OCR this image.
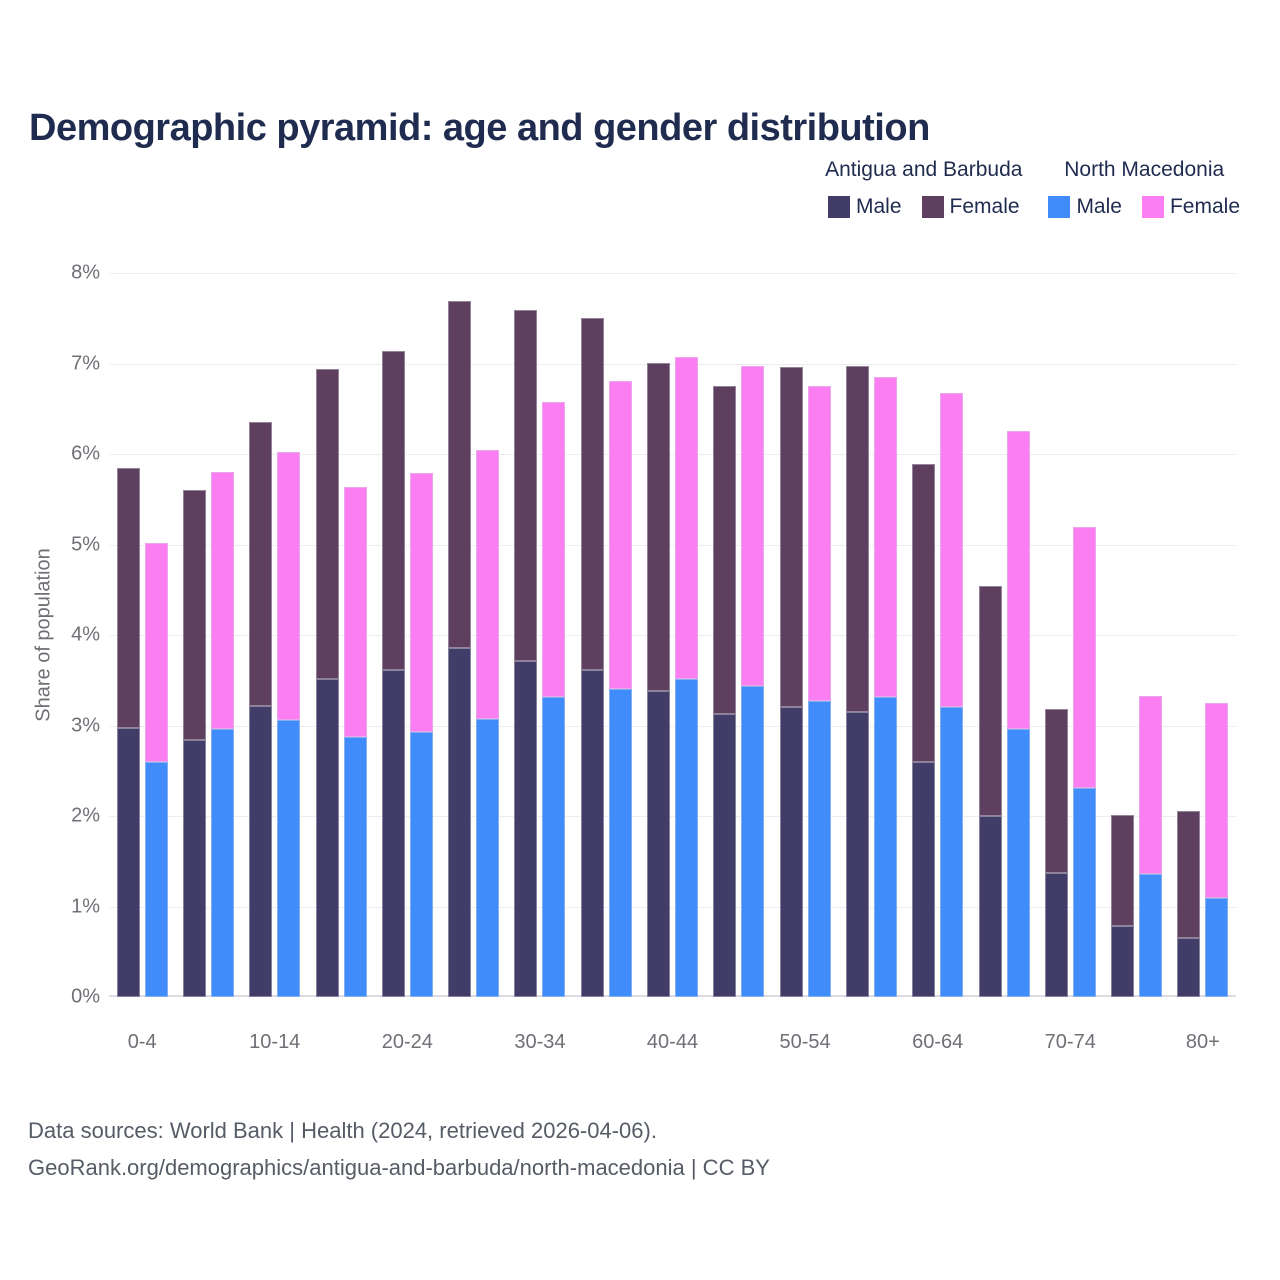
Demographic pyramid: age and gender distribution
Antigua and Barbuda
Male Female
North Macedonia
Male Female
Share of population
0%
1%
2%
3%
4%
5%
6%
7%
8%
0-4	10-14	20-24	30-34	40-44	50-54	60-64	70-74	80+
Data sources: World Bank | Health (2024, retrieved 2026-04-06).
GeoRank.org/demographics/antigua-and-barbuda/north-macedonia | CC BY
